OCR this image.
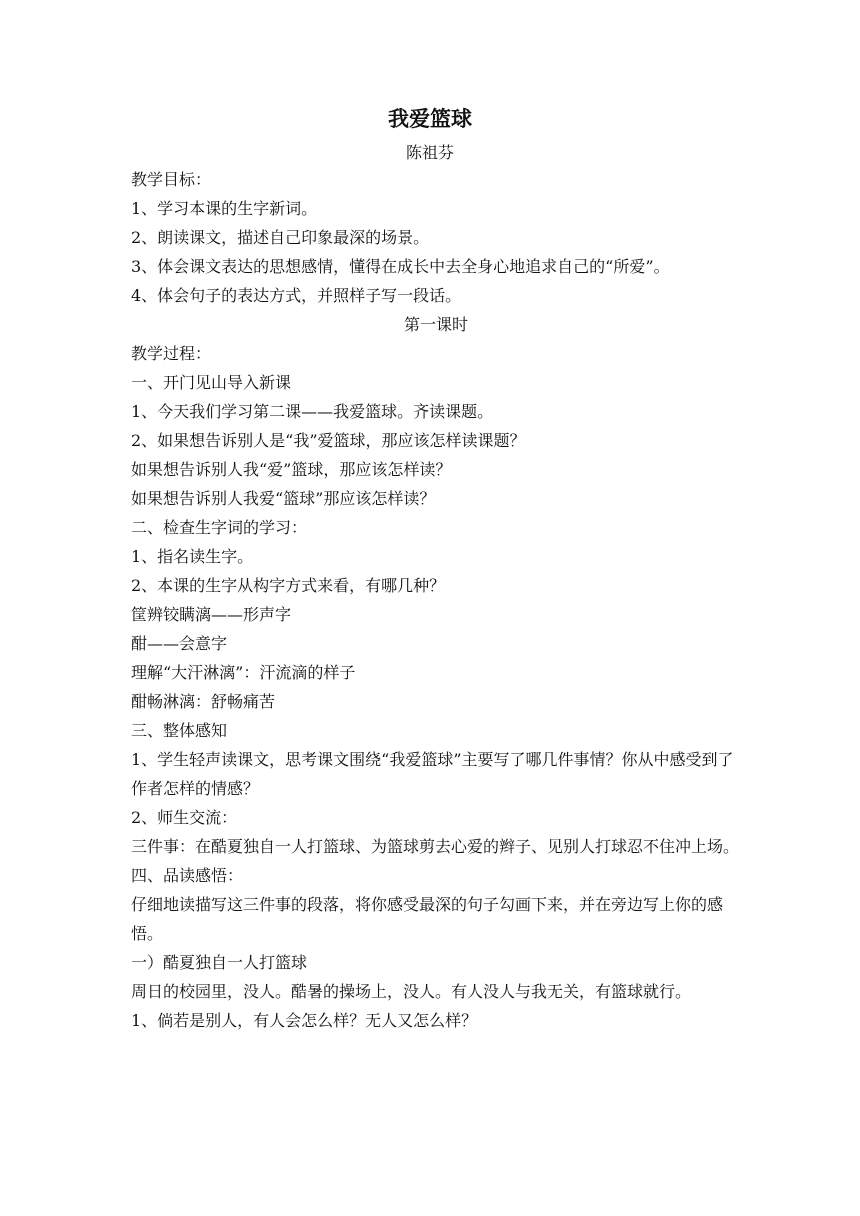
我爱篮球
陈祖芬

教学目标：

1、学习本课的生字新词。

2、朗读课文，描述自己印象最深的场景。

3、体会课文表达的思想感情，懂得在成长中去全身心地追求自己的“所爱”。

4、体会句子的表达方式，并照样子写一段话。

第一课时

教学过程：

一、开门见山导入新课

1、今天我们学习第二课——我爱篮球。齐读课题。

2、如果想告诉别人是“我”爱篮球，那应该怎样读课题？

如果想告诉别人我“爱”篮球，那应该怎样读？

如果想告诉别人我爱“篮球”那应该怎样读？

二、检查生字词的学习：

1、指名读生字。

2、本课的生字从构字方式来看，有哪几种？

筐辨铰瞒漓——形声字

酣——会意字

理解“大汗淋漓”：汗流滴的样子

酣畅淋漓：舒畅痛苦

三、整体感知

1、学生轻声读课文，思考课文围绕“我爱篮球”主要写了哪几件事情？你从中感受到了作者怎样的情感？

2、师生交流：

三件事：在酷夏独自一人打篮球、为篮球剪去心爱的辫子、见别人打球忍不住冲上场。

四、品读感悟：

仔细地读描写这三件事的段落，将你感受最深的句子勾画下来，并在旁边写上你的感悟。

一）酷夏独自一人打篮球

周日的校园里，没人。酷暑的操场上，没人。有人没人与我无关，有篮球就行。

1、倘若是别人，有人会怎么样？无人又怎么样？
